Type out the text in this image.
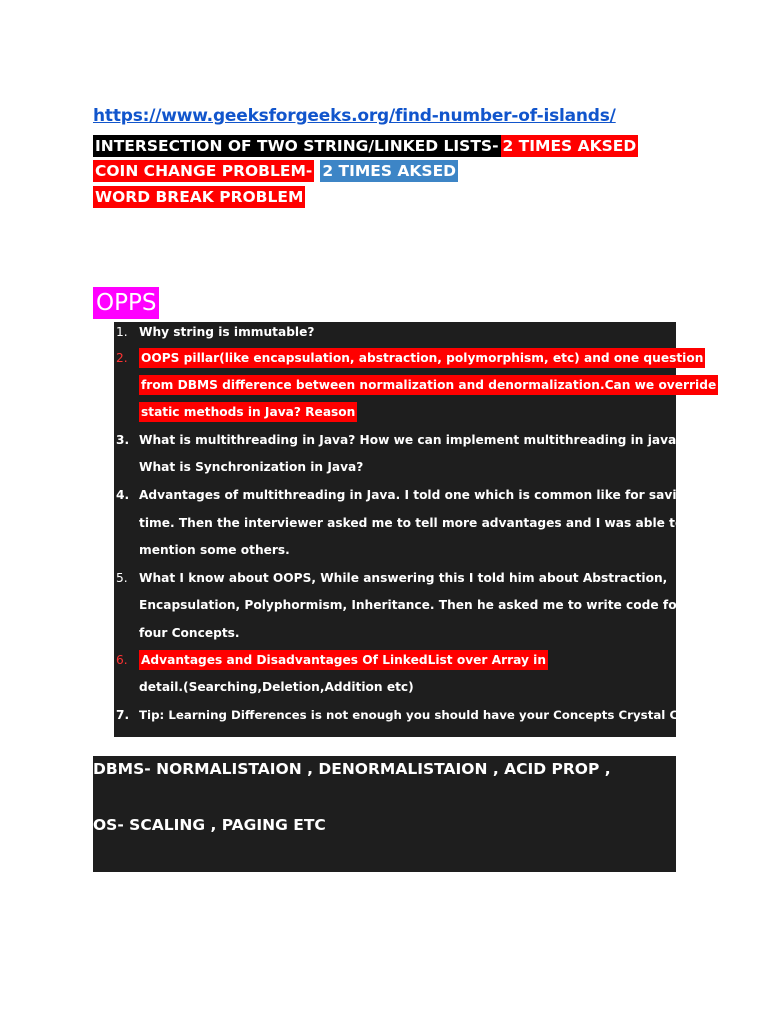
https://www.geeksforgeeks.org/find-number-of-islands/
INTERSECTION OF TWO STRING/LINKED LISTS- 2 TIMES AKSED
COIN CHANGE PROBLEM- 2 TIMES AKSED
WORD BREAK PROBLEM
OPPS
1. Why string is immutable?
2.	OOPS pillar(like encapsulation, abstraction, polymorphism, etc) and one question
from DBMS difference between normalization and denormalization.Can we override
static methods in Java? Reason
3. What is multithreading in Java? How we can implement multithreading in java?
What is Synchronization in Java?
4. Advantages of multithreading in Java. I told one which is common like for saving
time. Then the interviewer asked me to tell more advantages and I was able to
mention some others.
5. What I know about OOPS, While answering this I told him about Abstraction,
Encapsulation, Polyphormism, Inheritance. Then he asked me to write code for these
four Concepts.
6.	Advantages and Disadvantages Of LinkedList over Array in
detail.(Searching,Deletion,Addition etc)
7. Tip: Learning Differences is not enough you should have your Concepts Crystal Clear.
DBMS- NORMALISTAION , DENORMALISTAION , ACID PROP ,
OS- SCALING , PAGING ETC
